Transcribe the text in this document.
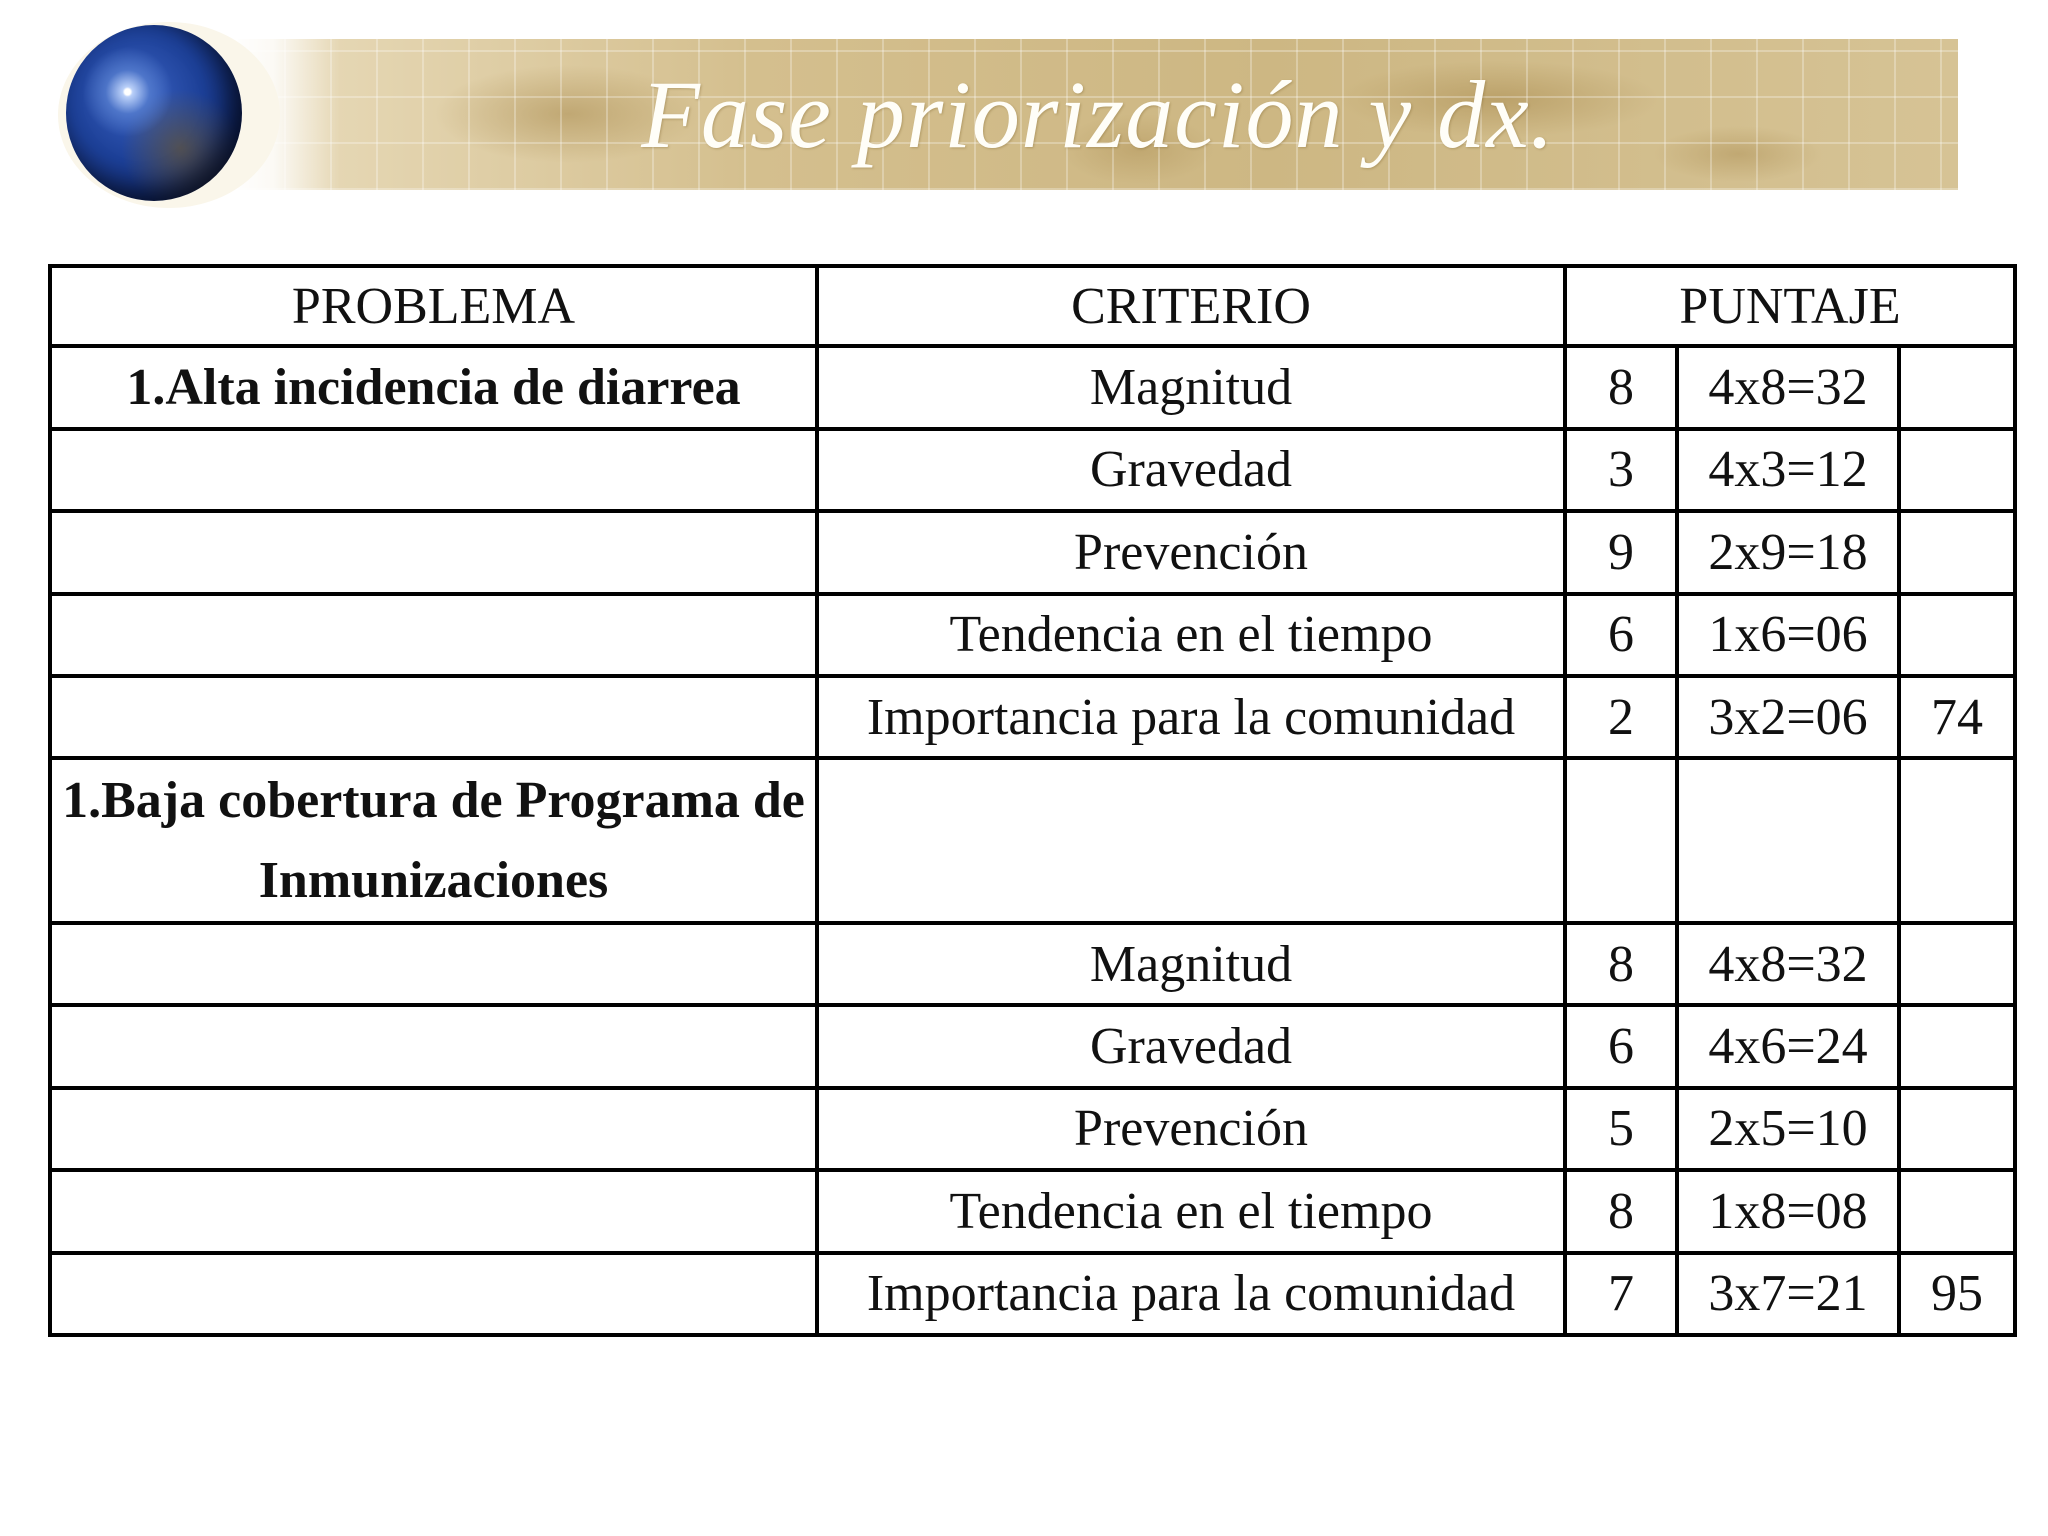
Fase priorización y dx.
PROBLEMA	CRITERIO	PUNTAJE		
1.Alta incidencia de diarrea	Magnitud	8	4x8=32	
	Gravedad	3	4x3=12	
	Prevención	9	2x9=18	
	Tendencia en el tiempo	6	1x6=06	
	Importancia para la comunidad	2	3x2=06	74
1.Baja cobertura de Programa de Inmunizaciones				
	Magnitud	8	4x8=32	
	Gravedad	6	4x6=24	
	Prevención	5	2x5=10	
	Tendencia en el tiempo	8	1x8=08	
	Importancia para la comunidad	7	3x7=21	95
